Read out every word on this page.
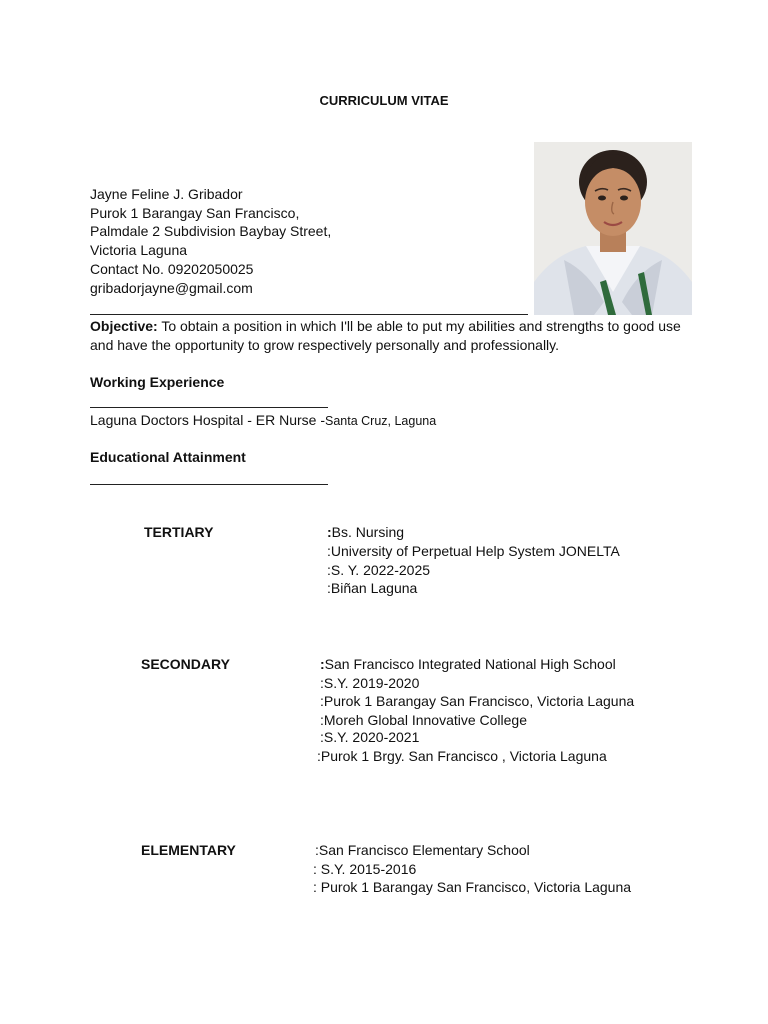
CURRICULUM VITAE
Jayne Feline J. Gribador
Purok 1 Barangay San Francisco,
Palmdale 2 Subdivision Baybay Street,
Victoria Laguna
Contact No. 09202050025
gribadorjayne@gmail.com
Objective: To obtain a position in which I'll be able to put my abilities and strengths to good use and have the opportunity to grow respectively personally and professionally.
Working Experience
Laguna Doctors Hospital - ER Nurse -Santa Cruz, Laguna
Educational Attainment
TERTIARY	:Bs. Nursing
:University of Perpetual Help System JONELTA
:S. Y. 2022-2025
:Biñan Laguna
SECONDARY	:San Francisco Integrated National High School
:S.Y. 2019-2020
:Purok 1 Barangay San Francisco, Victoria Laguna
:Moreh Global Innovative College
:S.Y. 2020-2021
:Purok 1 Brgy. San Francisco , Victoria Laguna
ELEMENTARY	:San Francisco Elementary School
: S.Y. 2015-2016
: Purok 1 Barangay San Francisco, Victoria Laguna
